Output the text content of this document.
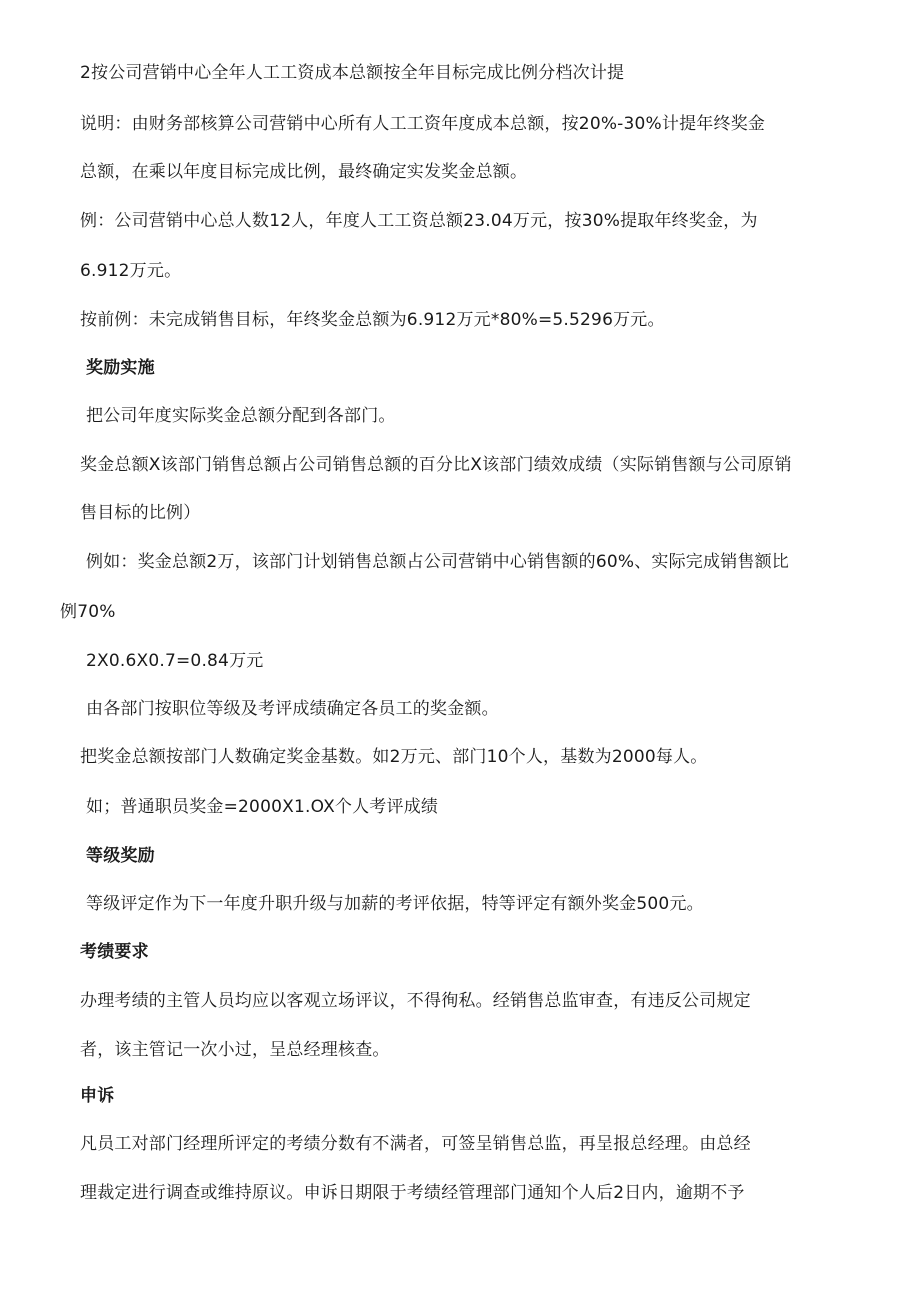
2按公司营销中心全年人工工资成本总额按全年目标完成比例分档次计提
说明：由财务部核算公司营销中心所有人工工资年度成本总额，按20%-30%计提年终奖金
总额，在乘以年度目标完成比例，最终确定实发奖金总额。
例：公司营销中心总人数12人，年度人工工资总额23.04万元，按30%提取年终奖金，为
6.912万元。
按前例：未完成销售目标，年终奖金总额为6.912万元*80%=5.5296万元。
奖励实施
把公司年度实际奖金总额分配到各部门。
奖金总额X该部门销售总额占公司销售总额的百分比X该部门绩效成绩（实际销售额与公司原销
售目标的比例）
例如：奖金总额2万，该部门计划销售总额占公司营销中心销售额的60%、实际完成销售额比
例70%
2X0.6X0.7=0.84万元
由各部门按职位等级及考评成绩确定各员工的奖金额。
把奖金总额按部门人数确定奖金基数。如2万元、部门10个人，基数为2000每人。
如；普通职员奖金=2000X1.OX个人考评成绩
等级奖励
等级评定作为下一年度升职升级与加薪的考评依据，特等评定有额外奖金500元。
考绩要求
办理考绩的主管人员均应以客观立场评议，不得徇私。经销售总监审查，有违反公司规定
者，该主管记一次小过，呈总经理核查。
申诉
凡员工对部门经理所评定的考绩分数有不满者，可签呈销售总监，再呈报总经理。由总经
理裁定进行调查或维持原议。申诉日期限于考绩经管理部门通知个人后2日内，逾期不予
